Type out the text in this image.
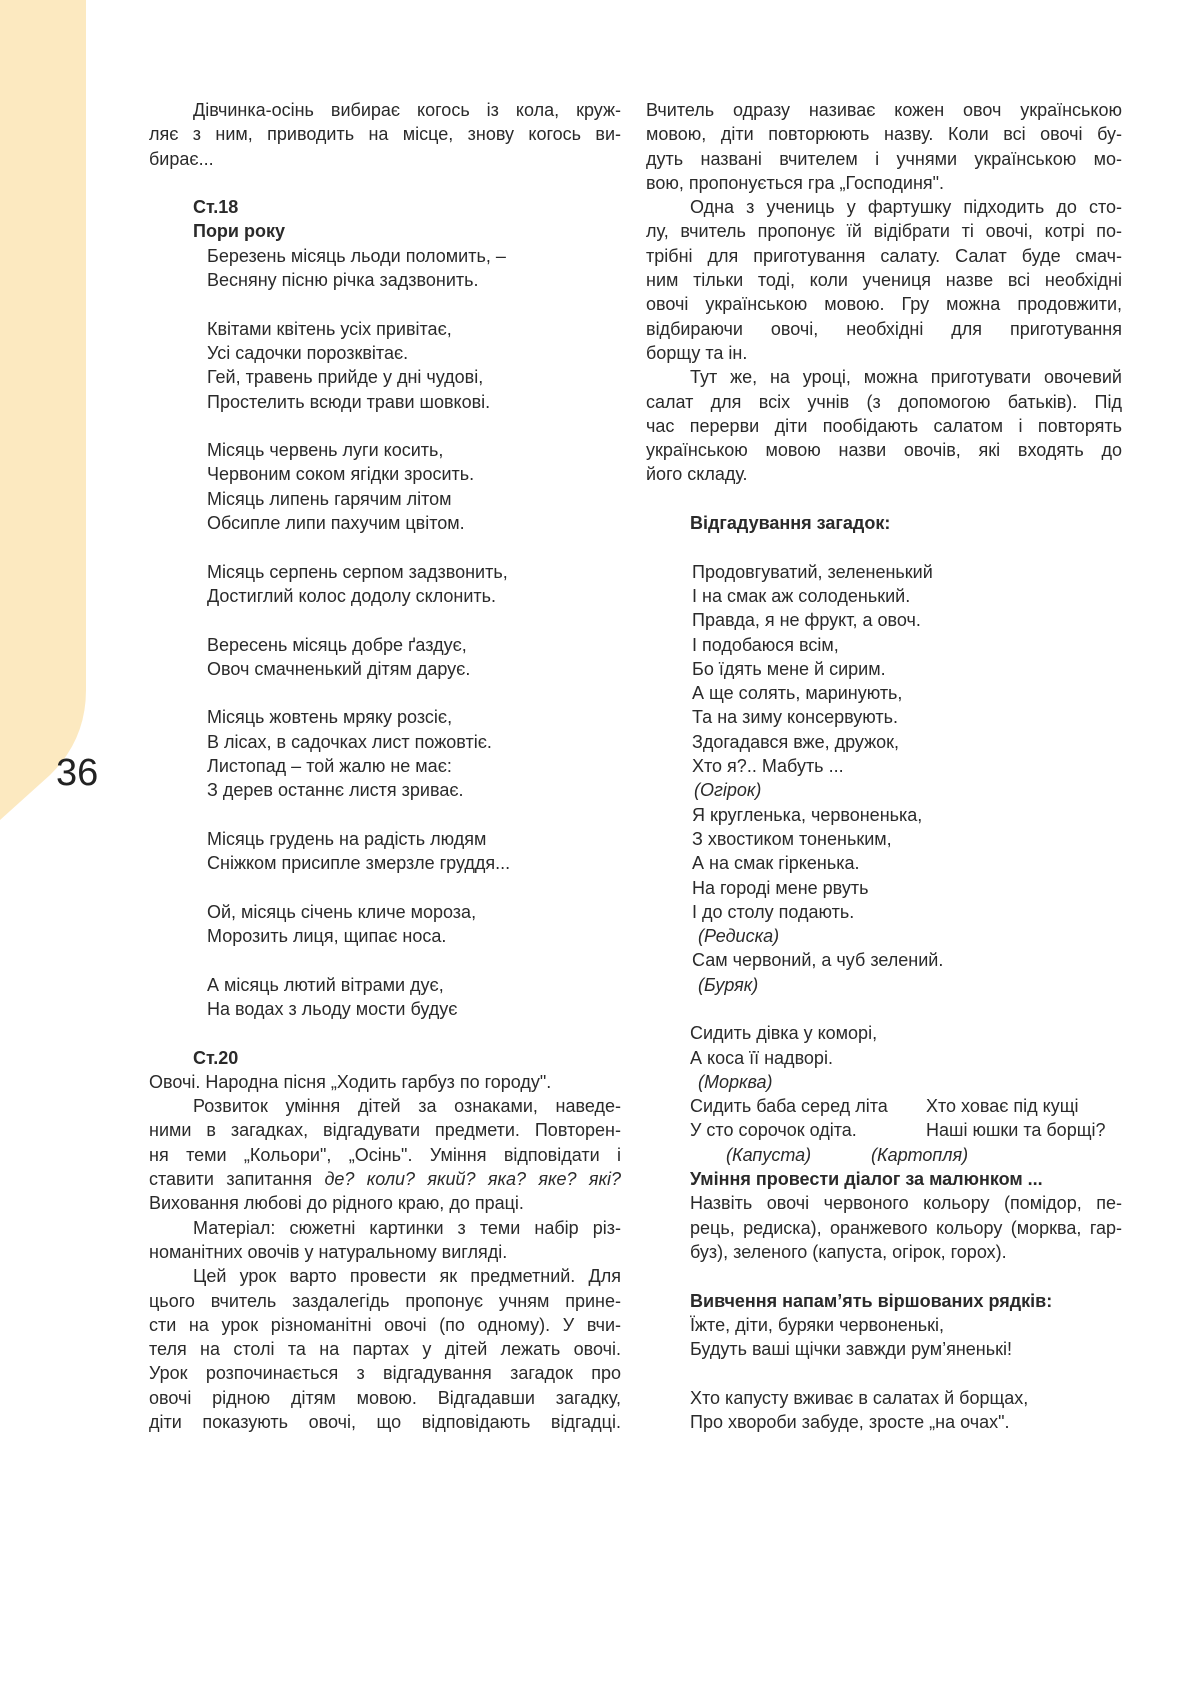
36

Дівчинка-осінь вибирає когось із кола, круж-

ляє з ним, приводить на місце, знову когось ви-

бирає...

Ст.18

Пори року

Березень місяць льоди поломить, –

Весняну пісню річка задзвонить.

Квітами квітень усіх привітає,

Усі садочки порозквітає.

Гей, травень прийде у дні чудові,

Простелить всюди трави шовкові.

Місяць червень луги косить,

Червоним соком ягідки зросить.

Місяць липень гарячим літом

Обсипле липи пахучим цвітом.

Місяць серпень серпом задзвонить,

Достиглий колос додолу склонить.

Вересень місяць добре ґаздує,

Овоч смачненький дітям дарує.

Місяць жовтень мряку розсіє,

В лісах, в садочках лист пожовтіє.

Листопад – той жалю не має:

З дерев останнє листя зриває.

Місяць грудень на радість людям

Сніжком присипле змерзле груддя...

Ой, місяць січень кличе мороза,

Морозить лиця, щипає носа.

А місяць лютий вітрами дує,

На водах з льоду мости будує

Ст.20

Овочі. Народна пісня „Ходить гарбуз по городу".

Розвиток уміння дітей за ознаками, наведе-

ними в загадках, відгадувати предмети. Повторен-

ня теми „Кольори", „Осінь". Уміння відповідати і

ставити запитання де? коли? який? яка? яке? які?

Виховання любові до рідного краю, до праці.

Матеріал: сюжетні картинки з теми набір різ-

номанітних овочів у натуральному вигляді.

Цей урок варто провести як предметний. Для

цього вчитель заздалегідь пропонує учням прине-

сти на урок різноманітні овочі (по одному). У вчи-

теля на столі та на партах у дітей лежать овочі.

Урок розпочинається з відгадування загадок про

овочі рідною дітям мовою. Відгадавши загадку,

діти показують овочі, що відповідають відгадці.

Вчитель одразу називає кожен овоч українською

мовою, діти повторюють назву. Коли всі овочі бу-

дуть названі вчителем і учнями українською мо-

вою, пропонується гра „Господиня".

Одна з учениць у фартушку підходить до сто-

лу, вчитель пропонує їй відібрати ті овочі, котрі по-

трібні для приготування салату. Салат буде смач-

ним тільки тоді, коли учениця назве всі необхідні

овочі українською мовою. Гру можна продовжити,

відбираючи овочі, необхідні для приготування

борщу та ін.

Тут же, на уроці, можна приготувати овочевий

салат для всіх учнів (з допомогою батьків). Під

час перерви діти пообідають салатом і повторять

українською мовою назви овочів, які входять до

його складу.

Відгадування загадок:

Продовгуватий, зелененький

І на смак аж солоденький.

Правда, я не фрукт, а овоч.

І подобаюся всім,

Бо їдять мене й сирим.

А ще солять, маринують,

Та на зиму консервують.

Здогадався вже, дружок,

Хто я?.. Мабуть ...

(Огірок)

Я кругленька, червоненька,

З хвостиком тоненьким,

А на смак гіркенька.

На городі мене рвуть

І до столу подають.

(Редиска)

Сам червоний, а чуб зелений.

(Буряк)

Сидить дівка у коморі,

А коса її надворі.

(Морква)

Сидить баба серед літа	Хто ховає під кущі
У сто сорочок одіта.	Наші юшки та борщі?
(Капуста)	(Картопля)

Уміння провести діалог за малюнком ...

Назвіть овочі червоного кольору (помідор, пе-

рець, редиска), оранжевого кольору (морква, гар-

буз), зеленого (капуста, огірок, горох).

Вивчення напам’ять віршованих рядків:

Їжте, діти, буряки червоненькі,

Будуть ваші щічки завжди рум’яненькі!

Хто капусту вживає в салатах й борщах,

Про хвороби забуде, зросте „на очах".
